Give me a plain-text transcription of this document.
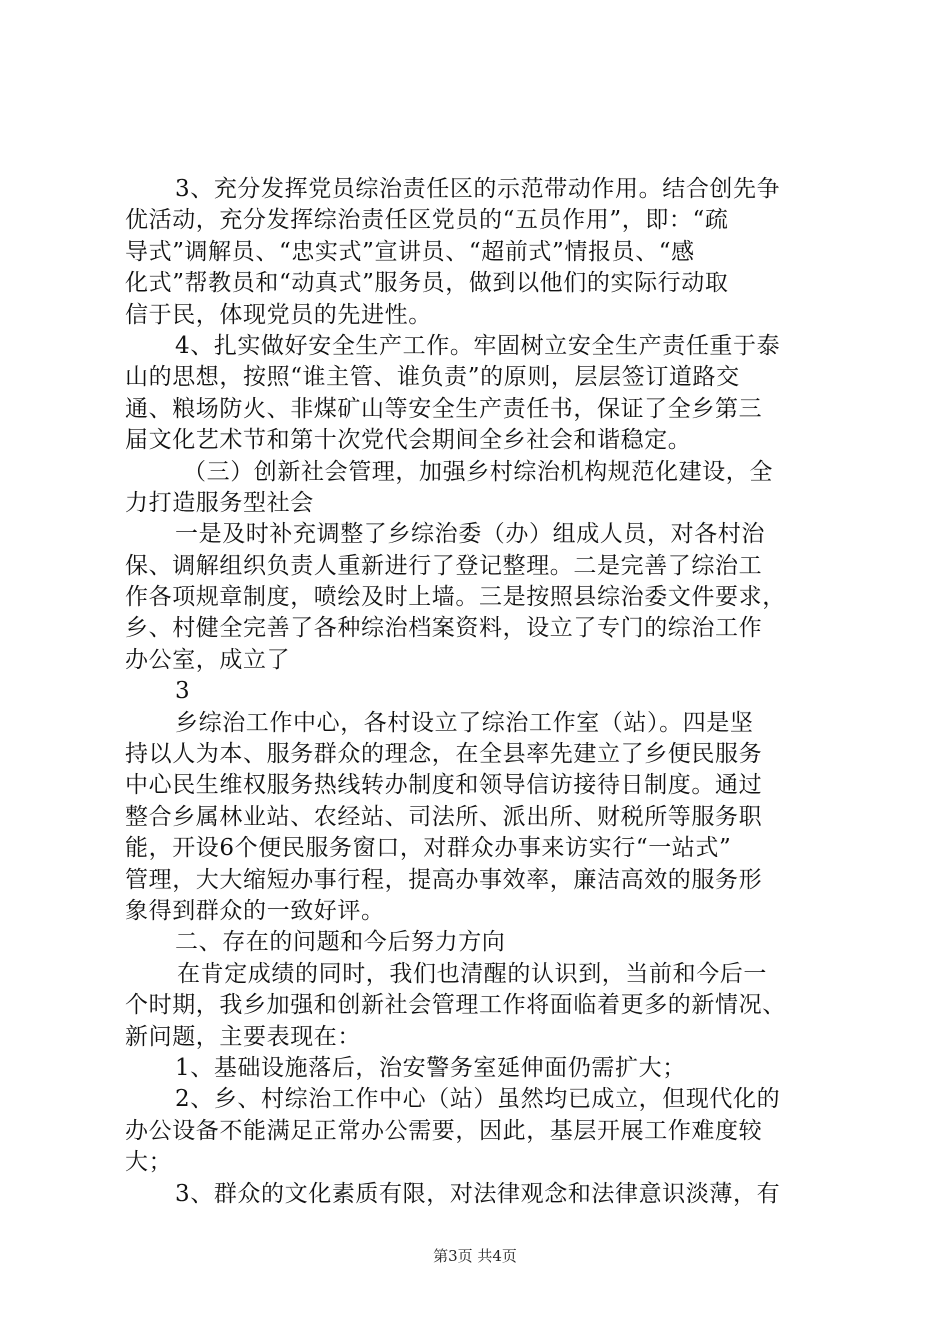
3、充分发挥党员综治责任区的示范带动作用。结合创先争
优活动，充分发挥综治责任区党员的“五员作用”，即：“疏
导式”调解员、“忠实式”宣讲员、“超前式”情报员、“感
化式”帮教员和“动真式”服务员，做到以他们的实际行动取
信于民，体现党员的先进性。
4、扎实做好安全生产工作。牢固树立安全生产责任重于泰
山的思想，按照“谁主管、谁负责”的原则，层层签订道路交
通、粮场防火、非煤矿山等安全生产责任书，保证了全乡第三
届文化艺术节和第十次党代会期间全乡社会和谐稳定。
（三）创新社会管理，加强乡村综治机构规范化建设，全
力打造服务型社会
一是及时补充调整了乡综治委（办）组成人员，对各村治
保、调解组织负责人重新进行了登记整理。二是完善了综治工
作各项规章制度，喷绘及时上墙。三是按照县综治委文件要求，
乡、村健全完善了各种综治档案资料，设立了专门的综治工作
办公室，成立了
3
乡综治工作中心，各村设立了综治工作室（站）。四是坚
持以人为本、服务群众的理念，在全县率先建立了乡便民服务
中心民生维权服务热线转办制度和领导信访接待日制度。通过
整合乡属林业站、农经站、司法所、派出所、财税所等服务职
能，开设6个便民服务窗口，对群众办事来访实行“一站式”
管理，大大缩短办事行程，提高办事效率，廉洁高效的服务形
象得到群众的一致好评。
二、存在的问题和今后努力方向
在肯定成绩的同时，我们也清醒的认识到，当前和今后一
个时期，我乡加强和创新社会管理工作将面临着更多的新情况、
新问题，主要表现在：
1、基础设施落后，治安警务室延伸面仍需扩大；
2、乡、村综治工作中心（站）虽然均已成立，但现代化的
办公设备不能满足正常办公需要，因此，基层开展工作难度较
大；
3、群众的文化素质有限，对法律观念和法律意识淡薄，有
第3页 共4页
